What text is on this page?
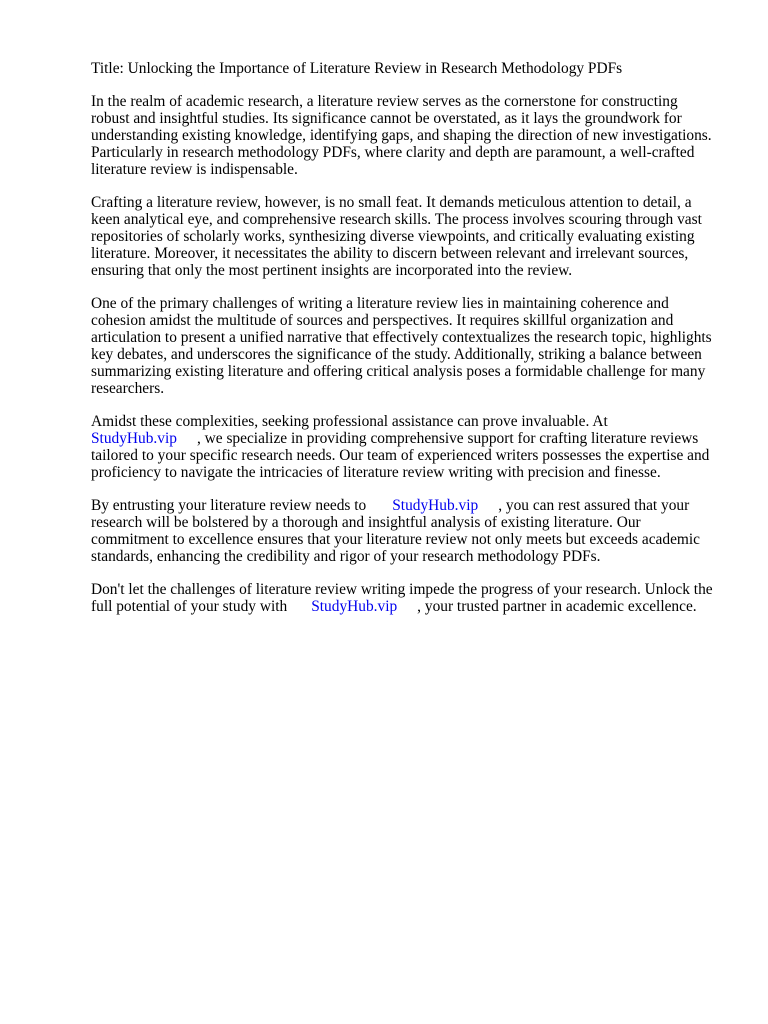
Title: Unlocking the Importance of Literature Review in Research Methodology PDFs
In the realm of academic research, a literature review serves as the cornerstone for constructing
robust and insightful studies. Its significance cannot be overstated, as it lays the groundwork for
understanding existing knowledge, identifying gaps, and shaping the direction of new investigations.
Particularly in research methodology PDFs, where clarity and depth are paramount, a well-crafted
literature review is indispensable.
Crafting a literature review, however, is no small feat. It demands meticulous attention to detail, a
keen analytical eye, and comprehensive research skills. The process involves scouring through vast
repositories of scholarly works, synthesizing diverse viewpoints, and critically evaluating existing
literature. Moreover, it necessitates the ability to discern between relevant and irrelevant sources,
ensuring that only the most pertinent insights are incorporated into the review.
One of the primary challenges of writing a literature review lies in maintaining coherence and
cohesion amidst the multitude of sources and perspectives. It requires skillful organization and
articulation to present a unified narrative that effectively contextualizes the research topic, highlights
key debates, and underscores the significance of the study. Additionally, striking a balance between
summarizing existing literature and offering critical analysis poses a formidable challenge for many
researchers.
Amidst these complexities, seeking professional assistance can prove invaluable. At
StudyHub.vip , we specialize in providing comprehensive support for crafting literature reviews
tailored to your specific research needs. Our team of experienced writers possesses the expertise and
proficiency to navigate the intricacies of literature review writing with precision and finesse.
By entrusting your literature review needs to StudyHub.vip , you can rest assured that your
research will be bolstered by a thorough and insightful analysis of existing literature. Our
commitment to excellence ensures that your literature review not only meets but exceeds academic
standards, enhancing the credibility and rigor of your research methodology PDFs.
Don't let the challenges of literature review writing impede the progress of your research. Unlock the
full potential of your study with StudyHub.vip , your trusted partner in academic excellence.
